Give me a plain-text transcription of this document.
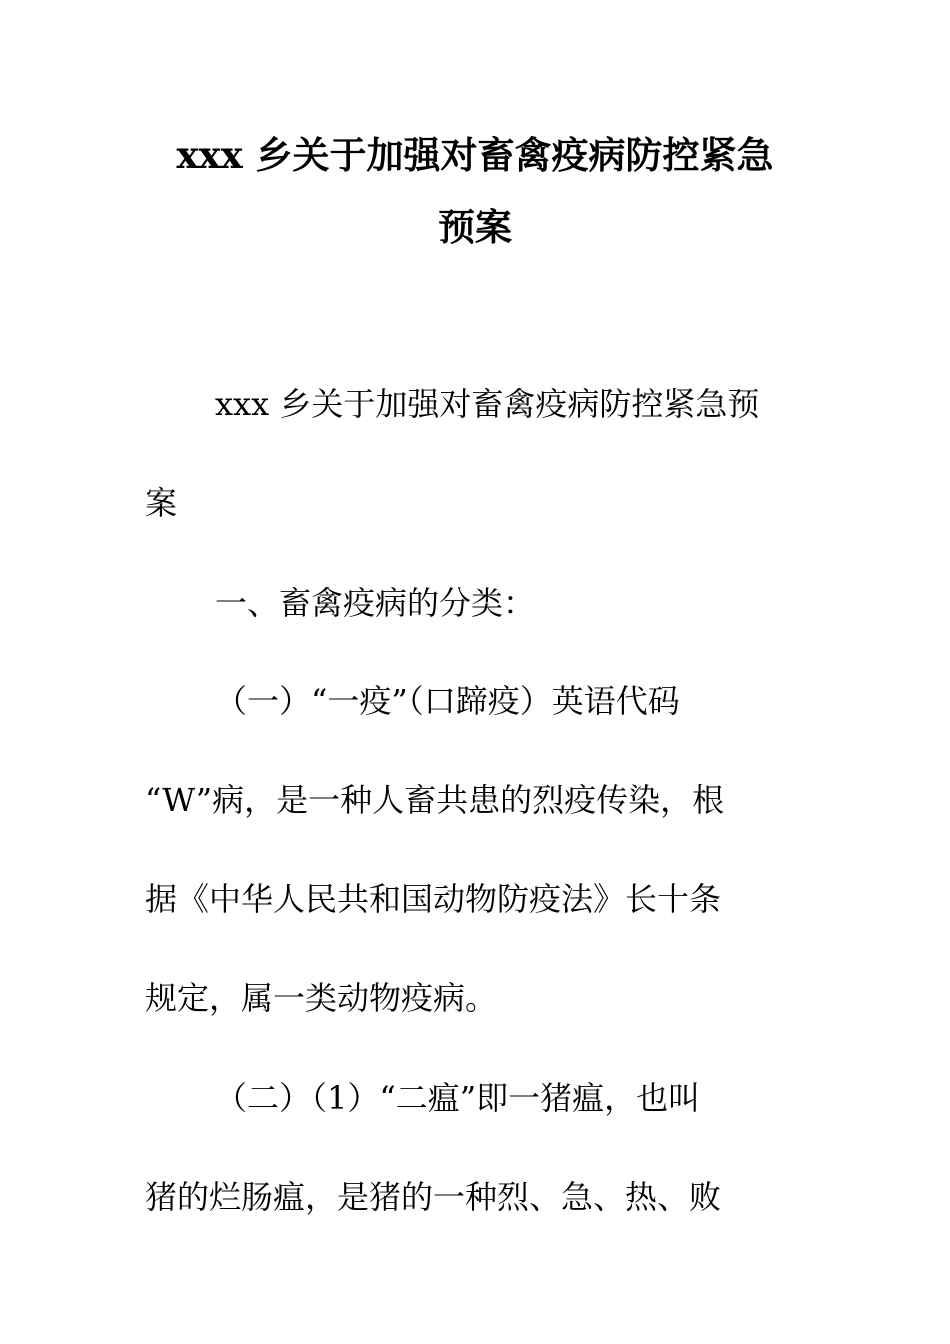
xxx 乡关于加强对畜禽疫病防控紧急
预案
xxx 乡关于加强对畜禽疫病防控紧急预
案
一、畜禽疫病的分类：
（一）“一疫”（口蹄疫）英语代码
“W”病，是一种人畜共患的烈疫传染，根
据《中华人民共和国动物防疫法》长十条
规定，属一类动物疫病。
（二）（1）“二瘟”即一猪瘟，也叫
猪的烂肠瘟，是猪的一种烈、急、热、败
